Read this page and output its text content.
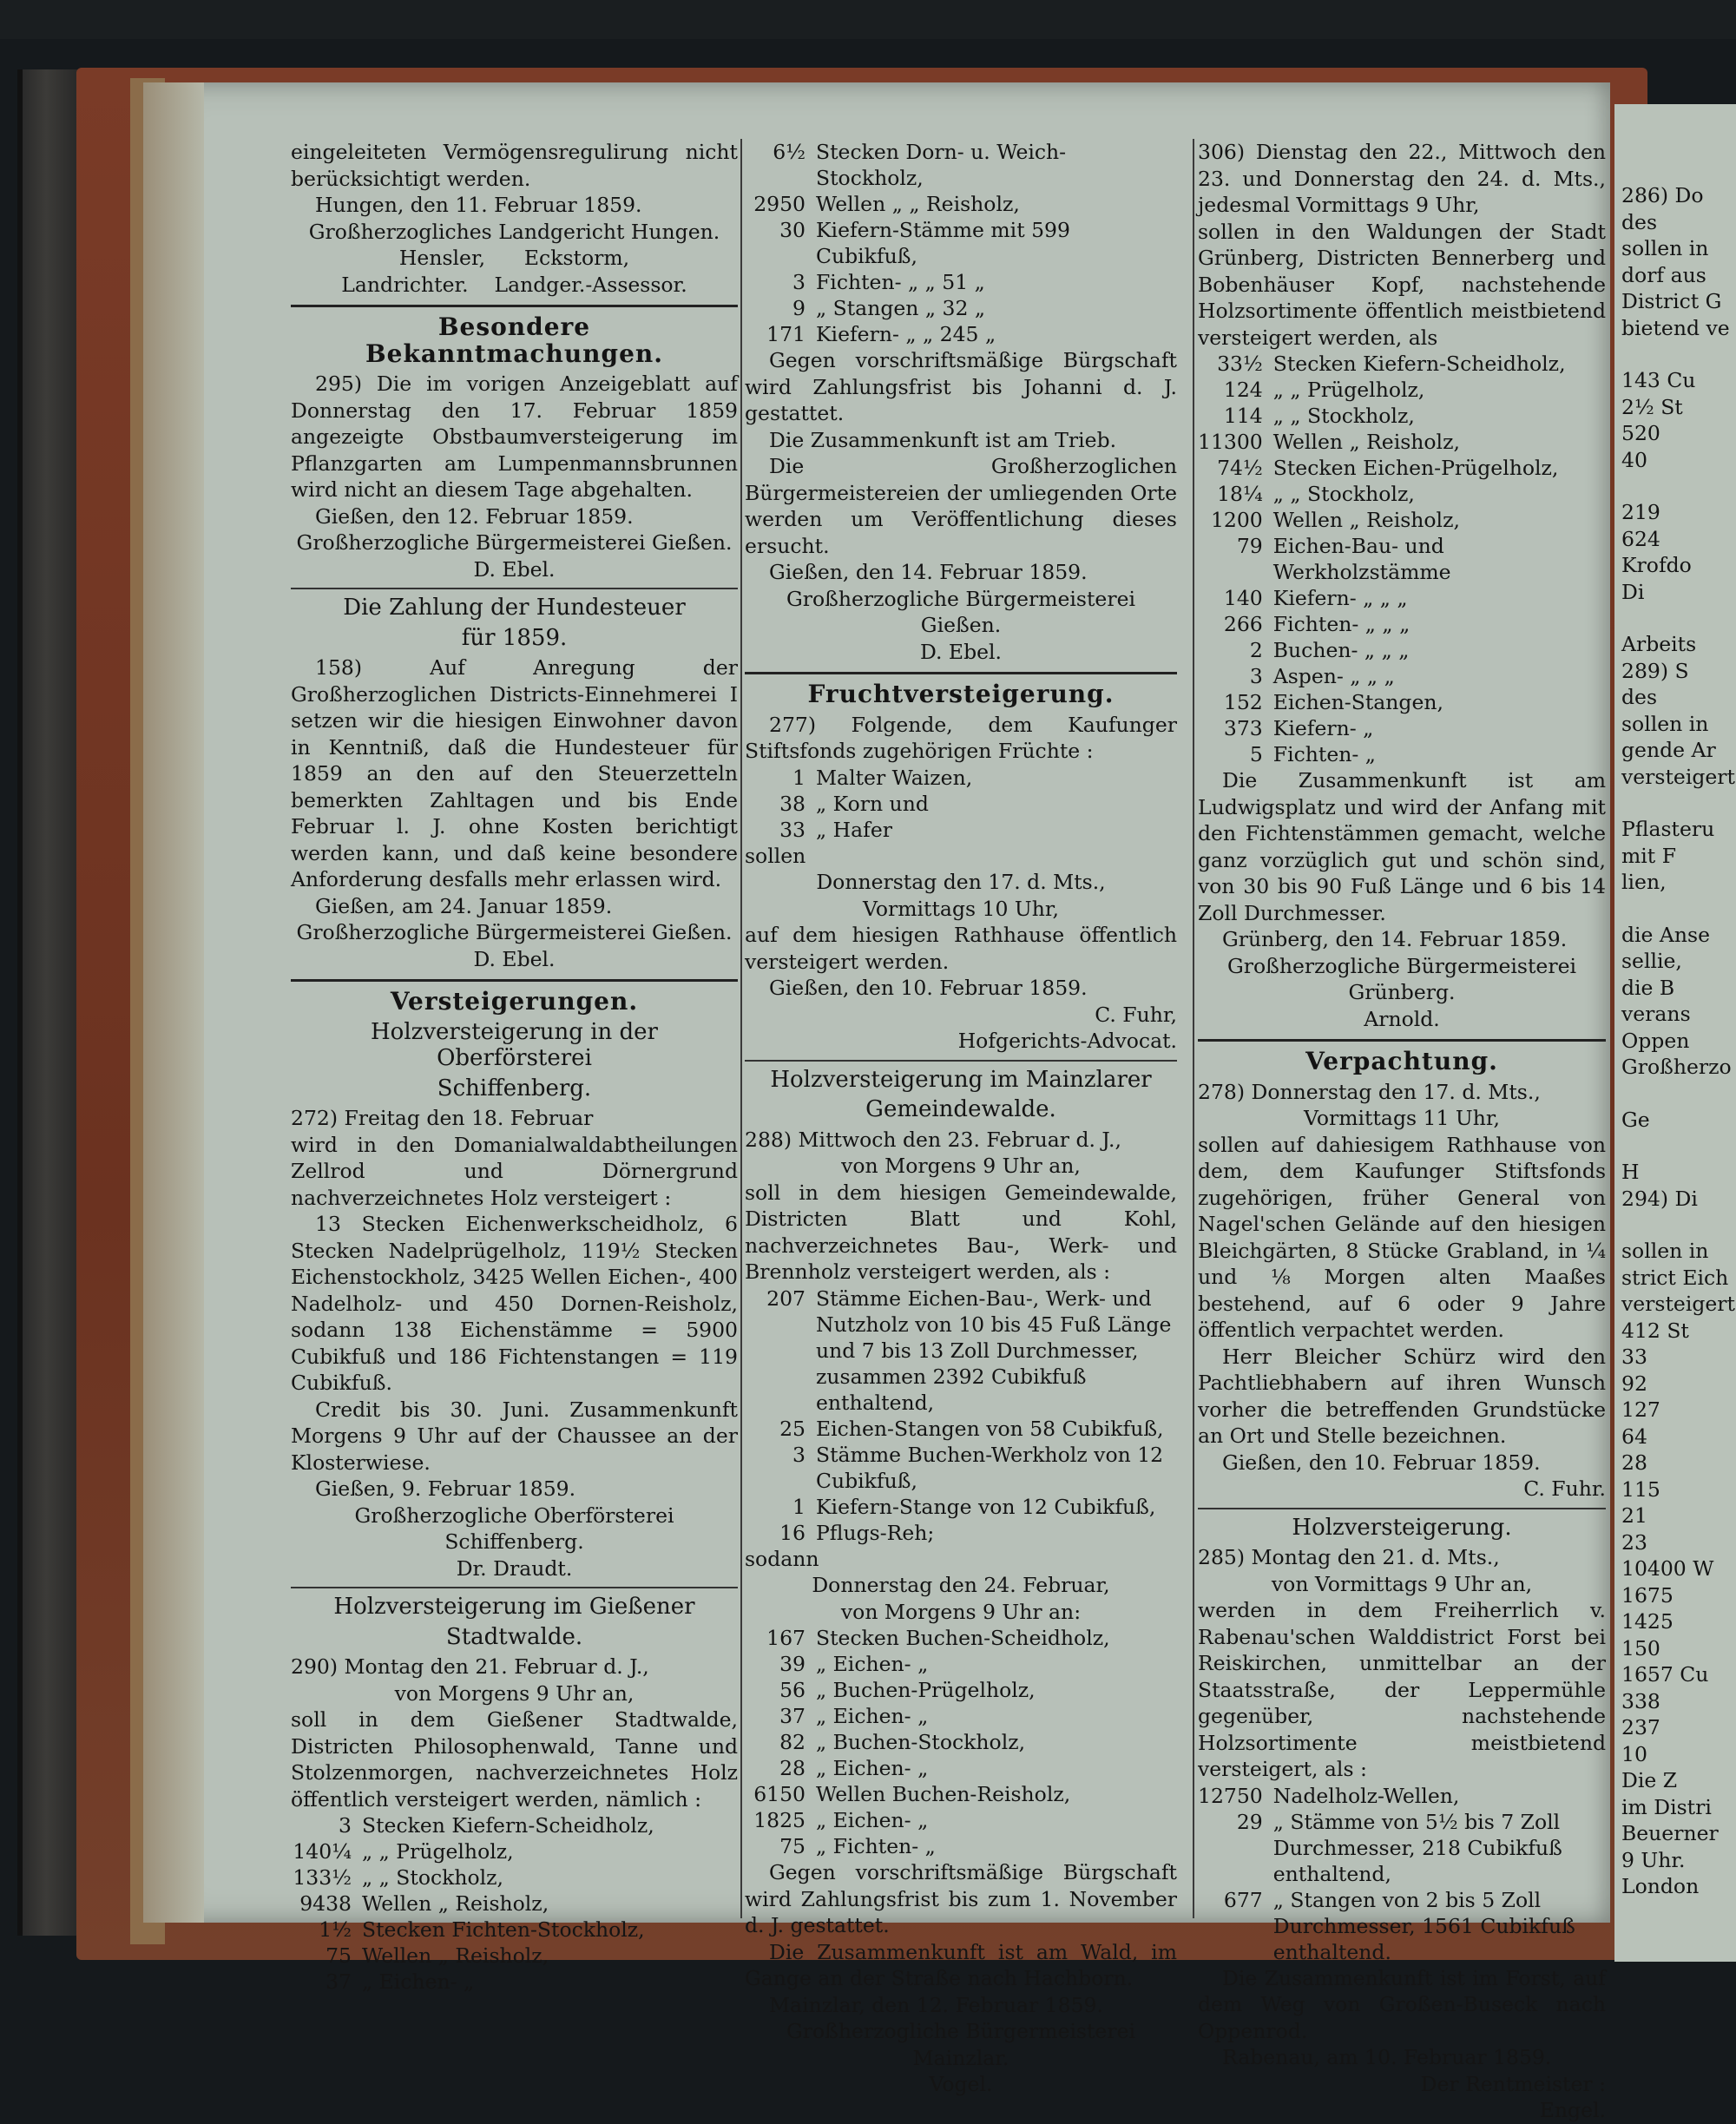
eingeleiteten Vermögensregulirung nicht berücksichtigt werden.

Hungen, den 11. Februar 1859.

Großherzogliches Landgericht Hungen.

Hensler,      Eckstorm,

Landrichter.    Landger.-Assessor.

Besondere Bekanntmachungen.

295) Die im vorigen Anzeigeblatt auf Donnerstag den 17. Februar 1859 angezeigte Obstbaumversteigerung im Pflanzgarten am Lumpenmannsbrunnen wird nicht an diesem Tage abgehalten.

Gießen, den 12. Februar 1859.

Großherzogliche Bürgermeisterei Gießen.

D. Ebel.

Die Zahlung der Hundesteuer
für 1859.

158) Auf Anregung der Großherzoglichen Districts-Einnehmerei I setzen wir die hiesigen Einwohner davon in Kenntniß, daß die Hundesteuer für 1859 an den auf den Steuerzetteln bemerkten Zahltagen und bis Ende Februar l. J. ohne Kosten berichtigt werden kann, und daß keine besondere Anforderung desfalls mehr erlassen wird.

Gießen, am 24. Januar 1859.

Großherzogliche Bürgermeisterei Gießen.

D. Ebel.

Versteigerungen.
Holzversteigerung in der Oberförsterei
Schiffenberg.

272) Freitag den 18. Februar

wird in den Domanialwaldabtheilungen Zellrod und Dörnergrund nachverzeichnetes Holz versteigert :

13 Stecken Eichenwerkscheidholz, 6 Stecken Nadelprügelholz, 119½ Stecken Eichenstockholz, 3425 Wellen Eichen-, 400 Nadelholz- und 450 Dornen-Reisholz, sodann 138 Eichenstämme = 5900 Cubikfuß und 186 Fichtenstangen = 119 Cubikfuß.

Credit bis 30. Juni. Zusammenkunft Morgens 9 Uhr auf der Chaussee an der Klosterwiese.

Gießen, 9. Februar 1859.

Großherzogliche Oberförsterei Schiffenberg.

Dr. Draudt.

Holzversteigerung im Gießener
Stadtwalde.

290) Montag den 21. Februar d. J.,

von Morgens 9 Uhr an,

soll in dem Gießener Stadtwalde, Districten Philosophenwald, Tanne und Stolzenmorgen, nachverzeichnetes Holz öffentlich versteigert werden, nämlich :

3	Stecken Kiefern-Scheidholz,
140¼	„ „ Prügelholz,
133½	„ „ Stockholz,
9438	Wellen „ Reisholz,
1½	Stecken Fichten-Stockholz,
75	Wellen „ Reisholz,
37	„ Eichen- „
6½	Stecken Dorn- u. Weich-Stockholz,
2950	Wellen „ „ Reisholz,
30	Kiefern-Stämme mit 599 Cubikfuß,
3	Fichten- „ „ 51 „
9	„ Stangen „ 32 „
171	Kiefern- „ „ 245 „

Gegen vorschriftsmäßige Bürgschaft wird Zahlungsfrist bis Johanni d. J. gestattet.

Die Zusammenkunft ist am Trieb.

Die Großherzoglichen Bürgermeistereien der umliegenden Orte werden um Veröffentlichung dieses ersucht.

Gießen, den 14. Februar 1859.

Großherzogliche Bürgermeisterei Gießen.

D. Ebel.

Fruchtversteigerung.

277) Folgende, dem Kaufunger Stiftsfonds zugehörigen Früchte :

1	Malter Waizen,
38	„ Korn und
33	„ Hafer

sollen

Donnerstag den 17. d. Mts.,

Vormittags 10 Uhr,

auf dem hiesigen Rathhause öffentlich versteigert werden.

Gießen, den 10. Februar 1859.

C. Fuhr,

Hofgerichts-Advocat.

Holzversteigerung im Mainzlarer
Gemeindewalde.

288) Mittwoch den 23. Februar d. J.,

von Morgens 9 Uhr an,

soll in dem hiesigen Gemeindewalde, Districten Blatt und Kohl, nachverzeichnetes Bau-, Werk- und Brennholz versteigert werden, als :

207	Stämme Eichen-Bau-, Werk- und Nutzholz von 10 bis 45 Fuß Länge und 7 bis 13 Zoll Durchmesser, zusammen 2392 Cubikfuß enthaltend,
25	Eichen-Stangen von 58 Cubikfuß,
3	Stämme Buchen-Werkholz von 12 Cubikfuß,
1	Kiefern-Stange von 12 Cubikfuß,
16	Pflugs-Reh;

sodann

Donnerstag den 24. Februar,

von Morgens 9 Uhr an:

167	Stecken Buchen-Scheidholz,
39	„ Eichen- „
56	„ Buchen-Prügelholz,
37	„ Eichen- „
82	„ Buchen-Stockholz,
28	„ Eichen- „
6150	Wellen Buchen-Reisholz,
1825	„ Eichen- „
75	„ Fichten- „

Gegen vorschriftsmäßige Bürgschaft wird Zahlungsfrist bis zum 1. November d. J. gestattet.

Die Zusammenkunft ist am Wald, im Gange an der Straße nach Hachborn.

Mainzlar, den 12. Februar 1859.

Großherzogliche Bürgermeisterei Mainzlar.

Vogel.

306) Dienstag den 22., Mittwoch den 23. und Donnerstag den 24. d. Mts., jedesmal Vormittags 9 Uhr,

sollen in den Waldungen der Stadt Grünberg, Districten Bennerberg und Bobenhäuser Kopf, nachstehende Holzsortimente öffentlich meistbietend versteigert werden, als

33½	Stecken Kiefern-Scheidholz,
124	„ „ Prügelholz,
114	„ „ Stockholz,
11300	Wellen „ Reisholz,
74½	Stecken Eichen-Prügelholz,
18¼	„ „ Stockholz,
1200	Wellen „ Reisholz,
79	Eichen-Bau- und Werkholzstämme
140	Kiefern- „ „ „
266	Fichten- „ „ „
2	Buchen- „ „ „
3	Aspen- „ „ „
152	Eichen-Stangen,
373	Kiefern- „
5	Fichten- „

Die Zusammenkunft ist am Ludwigsplatz und wird der Anfang mit den Fichtenstämmen gemacht, welche ganz vorzüglich gut und schön sind, von 30 bis 90 Fuß Länge und 6 bis 14 Zoll Durchmesser.

Grünberg, den 14. Februar 1859.

Großherzogliche Bürgermeisterei Grünberg.

Arnold.

Verpachtung.

278) Donnerstag den 17. d. Mts.,

Vormittags 11 Uhr,

sollen auf dahiesigem Rathhause von dem, dem Kaufunger Stiftsfonds zugehörigen, früher General von Nagel'schen Gelände auf den hiesigen Bleichgärten, 8 Stücke Grabland, in ¼ und ⅛ Morgen alten Maaßes bestehend, auf 6 oder 9 Jahre öffentlich verpachtet werden.

Herr Bleicher Schürz wird den Pachtliebhabern auf ihren Wunsch vorher die betreffenden Grundstücke an Ort und Stelle bezeichnen.

Gießen, den 10. Februar 1859.

C. Fuhr.

Holzversteigerung.

285) Montag den 21. d. Mts.,

von Vormittags 9 Uhr an,

werden in dem Freiherrlich v. Rabenau'schen Walddistrict Forst bei Reiskirchen, unmittelbar an der Staatsstraße, der Leppermühle gegenüber, nachstehende Holzsortimente meistbietend versteigert, als :

12750	Nadelholz-Wellen,
29	„ Stämme von 5½ bis 7 Zoll Durchmesser, 218 Cubikfuß enthaltend,
677	„ Stangen von 2 bis 5 Zoll Durchmesser, 1561 Cubikfuß enthaltend.

Die Zusammenkunft ist im Forst, auf dem Weg von Großen-Buseck nach Oppenrod.

Rabenau, am 10. Februar 1859.

Der Rentmeister :

Engel.

286) Do

des

sollen in

dorf aus

District G

bietend ve

143 Cu

2½ St

520

40

219

624

Krofdo

Di

Arbeits

289) S

des

sollen in

gende Ar

versteigert

Pflasteru

mit F

lien,

die Anse

sellie,

die B

verans

Oppen

Großherzo

Ge

H

294) Di

sollen in

strict Eich

versteigert

412 St

33

92

127

64

28

115

21

23

10400 W

1675

1425

150

1657 Cu

338

237

10

Die Z

im Distri

Beuerner

9 Uhr.

London
